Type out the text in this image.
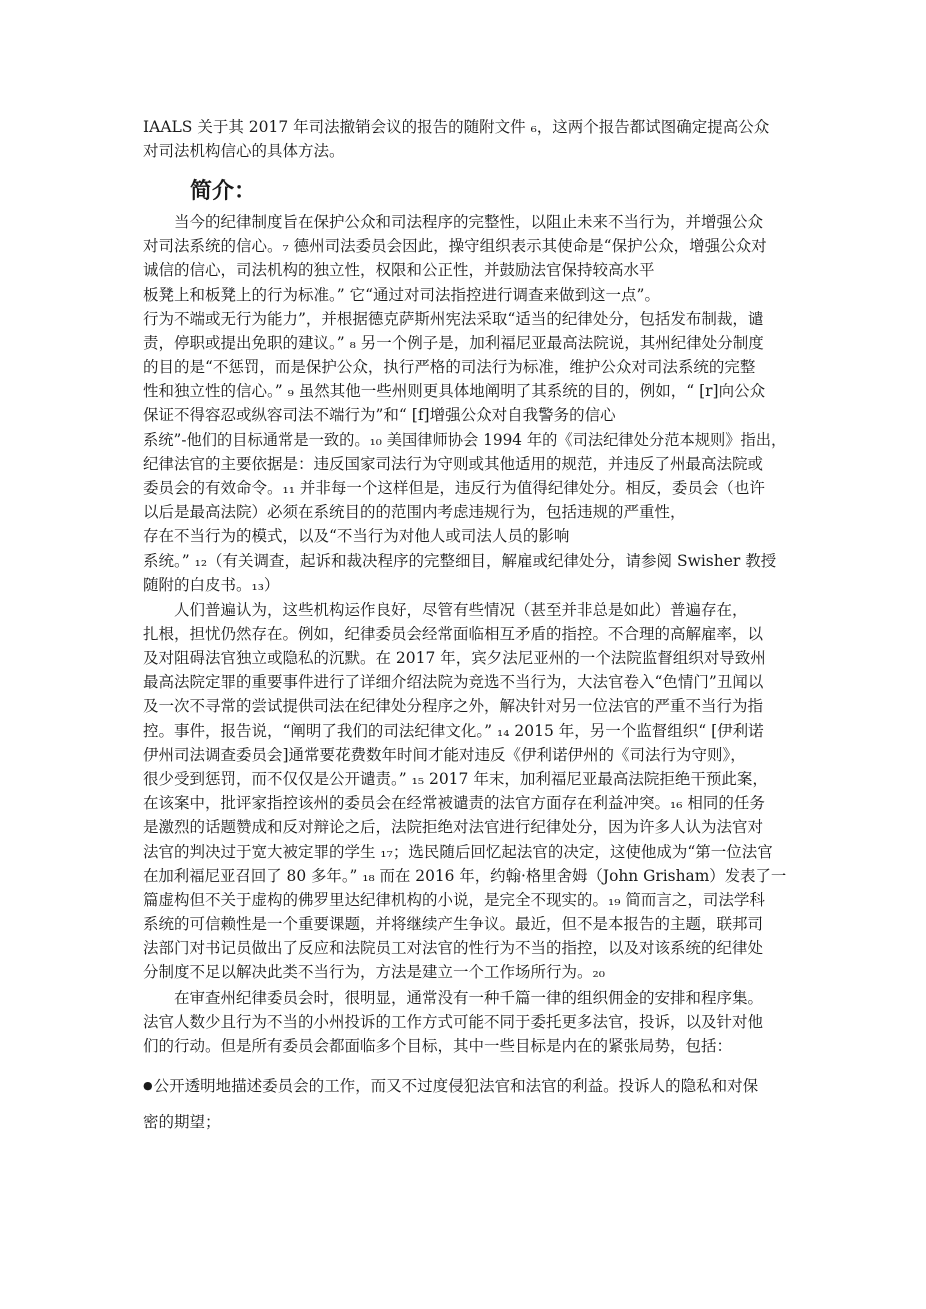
IAALS 关于其 2017 年司法撤销会议的报告的随附文件 ₆，这两个报告都试图确定提高公众
对司法机构信心的具体方法。
简介：
当今的纪律制度旨在保护公众和司法程序的完整性，以阻止未来不当行为，并增强公众
对司法系统的信心。₇ 德州司法委员会因此，操守组织表示其使命是“保护公众，增强公众对
诚信的信心，司法机构的独立性，权限和公正性，并鼓励法官保持较高水平
板凳上和板凳上的行为标准。” 它“通过对司法指控进行调查来做到这一点”。
行为不端或无行为能力”，并根据德克萨斯州宪法采取“适当的纪律处分，包括发布制裁，谴
责，停职或提出免职的建议。” ₈ 另一个例子是，加利福尼亚最高法院说，其州纪律处分制度
的目的是“不惩罚，而是保护公众，执行严格的司法行为标准，维护公众对司法系统的完整
性和独立性的信心。” ₉ 虽然其他一些州则更具体地阐明了其系统的目的，例如，“ [r]向公众
保证不得容忍或纵容司法不端行为”和“ [f]增强公众对自我警务的信心
系统”-他们的目标通常是一致的。₁₀ 美国律师协会 1994 年的《司法纪律处分范本规则》指出，
纪律法官的主要依据是：违反国家司法行为守则或其他适用的规范，并违反了州最高法院或
委员会的有效命令。₁₁ 并非每一个这样但是，违反行为值得纪律处分。相反，委员会（也许
以后是最高法院）必须在系统目的的范围内考虑违规行为，包括违规的严重性，
存在不当行为的模式，以及“不当行为对他人或司法人员的影响
系统。” ₁₂（有关调查，起诉和裁决程序的完整细目，解雇或纪律处分，请参阅 Swisher 教授
随附的白皮书。₁₃）
人们普遍认为，这些机构运作良好，尽管有些情况（甚至并非总是如此）普遍存在，
扎根，担忧仍然存在。例如，纪律委员会经常面临相互矛盾的指控。不合理的高解雇率，以
及对阻碍法官独立或隐私的沉默。在 2017 年，宾夕法尼亚州的一个法院监督组织对导致州
最高法院定罪的重要事件进行了详细介绍法院为竞选不当行为，大法官卷入“色情门”丑闻以
及一次不寻常的尝试提供司法在纪律处分程序之外，解决针对另一位法官的严重不当行为指
控。事件，报告说，“阐明了我们的司法纪律文化。” ₁₄ 2015 年，另一个监督组织“ [伊利诺
伊州司法调查委员会]通常要花费数年时间才能对违反《伊利诺伊州的《司法行为守则》，
很少受到惩罚，而不仅仅是公开谴责。” ₁₅ 2017 年末，加利福尼亚最高法院拒绝干预此案，
在该案中，批评家指控该州的委员会在经常被谴责的法官方面存在利益冲突。₁₆ 相同的任务
是激烈的话题赞成和反对辩论之后，法院拒绝对法官进行纪律处分，因为许多人认为法官对
法官的判决过于宽大被定罪的学生 ₁₇；选民随后回忆起法官的决定，这使他成为“第一位法官
在加利福尼亚召回了 80 多年。” ₁₈ 而在 2016 年，约翰·格里舍姆（John Grisham）发表了一
篇虚构但不关于虚构的佛罗里达纪律机构的小说，是完全不现实的。₁₉ 简而言之，司法学科
系统的可信赖性是一个重要课题，并将继续产生争议。最近，但不是本报告的主题，联邦司
法部门对书记员做出了反应和法院员工对法官的性行为不当的指控，以及对该系统的纪律处
分制度不足以解决此类不当行为，方法是建立一个工作场所行为。₂₀
在审查州纪律委员会时，很明显，通常没有一种千篇一律的组织佣金的安排和程序集。
法官人数少且行为不当的小州投诉的工作方式可能不同于委托更多法官，投诉，以及针对他
们的行动。但是所有委员会都面临多个目标，其中一些目标是内在的紧张局势，包括：
●公开透明地描述委员会的工作，而又不过度侵犯法官和法官的利益。投诉人的隐私和对保
密的期望；
